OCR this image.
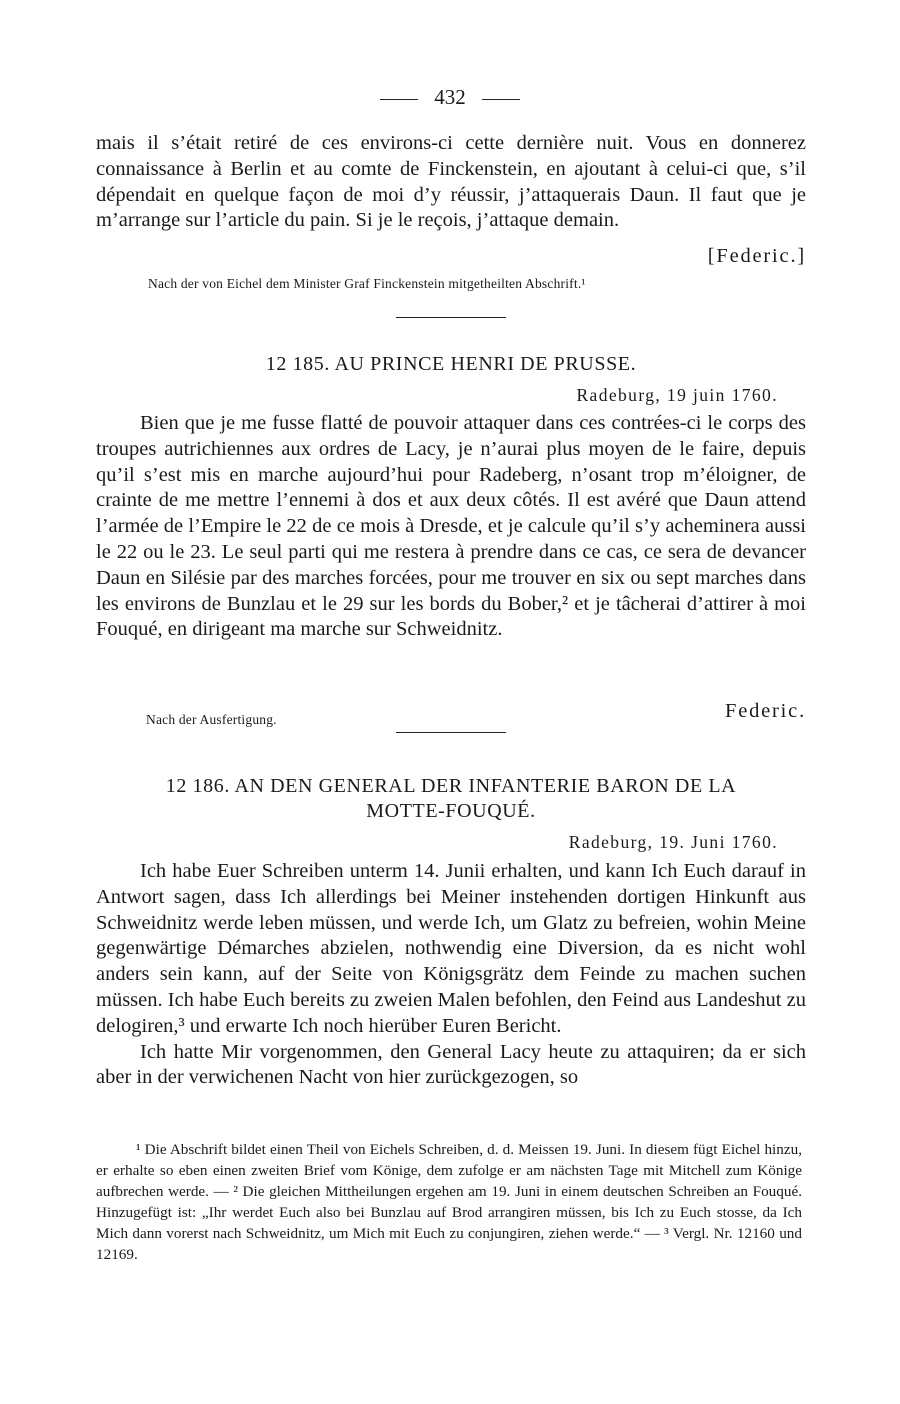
432

mais il s’était retiré de ces environs-ci cette dernière nuit. Vous en donnerez connaissance à Berlin et au comte de Finckenstein, en ajoutant à celui-ci que, s’il dépendait en quelque façon de moi d’y réussir, j’attaquerais Daun. Il faut que je m’arrange sur l’article du pain. Si je le reçois, j’attaque demain.

[Federic.]
Nach der von Eichel dem Minister Graf Finckenstein mitgetheilten Abschrift.¹
12 185. AU PRINCE HENRI DE PRUSSE.
Radeburg, 19 juin 1760.

Bien que je me fusse flatté de pouvoir attaquer dans ces contrées-ci le corps des troupes autrichiennes aux ordres de Lacy, je n’aurai plus moyen de le faire, depuis qu’il s’est mis en marche aujourd’hui pour Radeberg, n’osant trop m’éloigner, de crainte de me mettre l’ennemi à dos et aux deux côtés. Il est avéré que Daun attend l’armée de l’Empire le 22 de ce mois à Dresde, et je calcule qu’il s’y acheminera aussi le 22 ou le 23. Le seul parti qui me restera à prendre dans ce cas, ce sera de devancer Daun en Silésie par des marches forcées, pour me trouver en six ou sept marches dans les environs de Bunzlau et le 29 sur les bords du Bober,² et je tâcherai d’attirer à moi Fouqué, en dirigeant ma marche sur Schweidnitz.

Nach der Ausfertigung.	Federic.
12 186. AN DEN GENERAL DER INFANTERIE BARON DE LA
MOTTE-FOUQUÉ.
Radeburg, 19. Juni 1760.

Ich habe Euer Schreiben unterm 14. Junii erhalten, und kann Ich Euch darauf in Antwort sagen, dass Ich allerdings bei Meiner instehenden dortigen Hinkunft aus Schweidnitz werde leben müssen, und werde Ich, um Glatz zu befreien, wohin Meine gegenwärtige Démarches abzielen, nothwendig eine Diversion, da es nicht wohl anders sein kann, auf der Seite von Königsgrätz dem Feinde zu machen suchen müssen. Ich habe Euch bereits zu zweien Malen befohlen, den Feind aus Landeshut zu delogiren,³ und erwarte Ich noch hierüber Euren Bericht.

Ich hatte Mir vorgenommen, den General Lacy heute zu attaquiren; da er sich aber in der verwichenen Nacht von hier zurückgezogen, so

¹ Die Abschrift bildet einen Theil von Eichels Schreiben, d. d. Meissen 19. Juni. In diesem fügt Eichel hinzu, er erhalte so eben einen zweiten Brief vom Könige, dem zufolge er am nächsten Tage mit Mitchell zum Könige aufbrechen werde. — ² Die gleichen Mittheilungen ergehen am 19. Juni in einem deutschen Schreiben an Fouqué. Hinzugefügt ist: „Ihr werdet Euch also bei Bunzlau auf Brod arrangiren müssen, bis Ich zu Euch stosse, da Ich Mich dann vorerst nach Schweidnitz, um Mich mit Euch zu conjungiren, ziehen werde.“ — ³ Vergl. Nr. 12160 und 12169.
